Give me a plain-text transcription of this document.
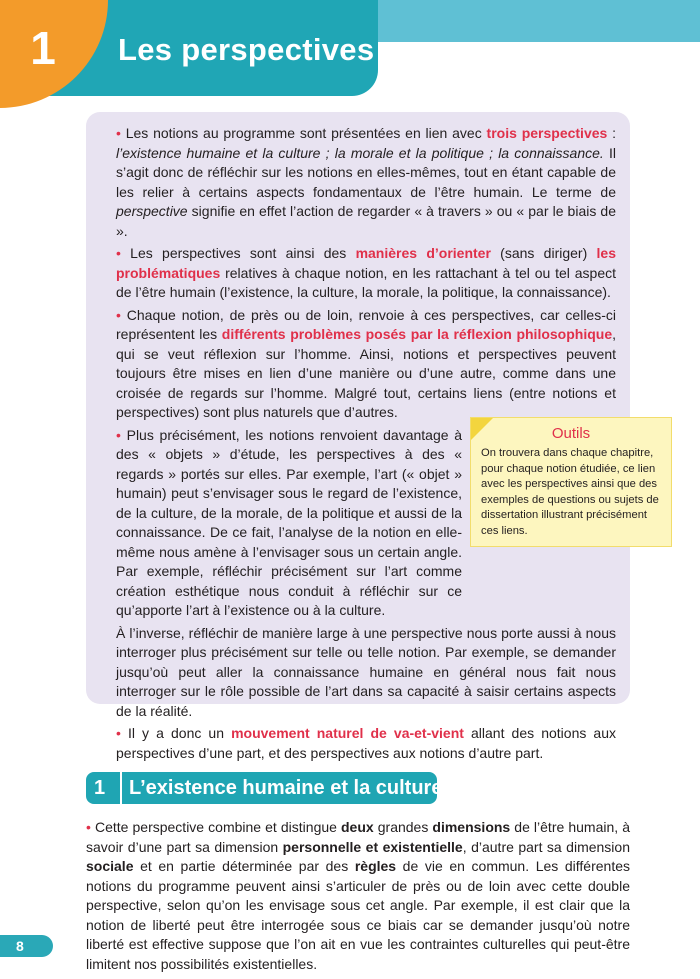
1	Les perspectives

• Les notions au programme sont présentées en lien avec trois perspectives : l’existence humaine et la culture ; la morale et la politique ; la connaissance. Il s’agit donc de réfléchir sur les notions en elles-mêmes, tout en étant capable de les relier à certains aspects fondamentaux de l’être humain. Le terme de perspective signifie en effet l’action de regarder « à travers » ou « par le biais de ».

• Les perspectives sont ainsi des manières d’orienter (sans diriger) les problématiques relatives à chaque notion, en les rattachant à tel ou tel aspect de l’être humain (l’existence, la culture, la morale, la politique, la connaissance).

• Chaque notion, de près ou de loin, renvoie à ces perspectives, car celles-ci représentent les différents problèmes posés par la réflexion philosophique, qui se veut réflexion sur l’homme. Ainsi, notions et perspectives peuvent toujours être mises en lien d’une manière ou d’une autre, comme dans une croisée de regards sur l’homme. Malgré tout, certains liens (entre notions et perspectives) sont plus naturels que d’autres.

• Plus précisément, les notions renvoient davantage à des « objets » d’étude, les perspectives à des « regards » portés sur elles. Par exemple, l’art (« objet » humain) peut s’envisager sous le regard de l’existence, de la culture, de la morale, de la politique et aussi de la connaissance. De ce fait, l’analyse de la notion en elle-même nous amène à l’envisager sous un certain angle. Par exemple, réfléchir précisément sur l’art comme création esthétique nous conduit à réfléchir sur ce qu’apporte l’art à l’existence ou à la culture.

À l’inverse, réfléchir de manière large à une perspective nous porte aussi à nous interroger plus précisément sur telle ou telle notion. Par exemple, se demander jusqu’où peut aller la connaissance humaine en général nous fait nous interroger sur le rôle possible de l’art dans sa capacité à saisir certains aspects de la réalité.

• Il y a donc un mouvement naturel de va-et-vient allant des notions aux perspectives d’une part, et des perspectives aux notions d’autre part.

Outils
On trouvera dans chaque chapitre, pour chaque notion étudiée, ce lien avec les perspectives ainsi que des exemples de questions ou sujets de dissertation illustrant précisément ces liens.
1	L’existence humaine et la culture
• Cette perspective combine et distingue deux grandes dimensions de l’être humain, à savoir d’une part sa dimension personnelle et existentielle, d’autre part sa dimension sociale et en partie déterminée par des règles de vie en commun. Les différentes notions du programme peuvent ainsi s’articuler de près ou de loin avec cette double perspective, selon qu’on les envisage sous cet angle. Par exemple, il est clair que la notion de liberté peut être interrogée sous ce biais car se demander jusqu’où notre liberté est effective suppose que l’on ait en vue les contraintes culturelles qui peut-être limitent nos possibilités existentielles.
8
